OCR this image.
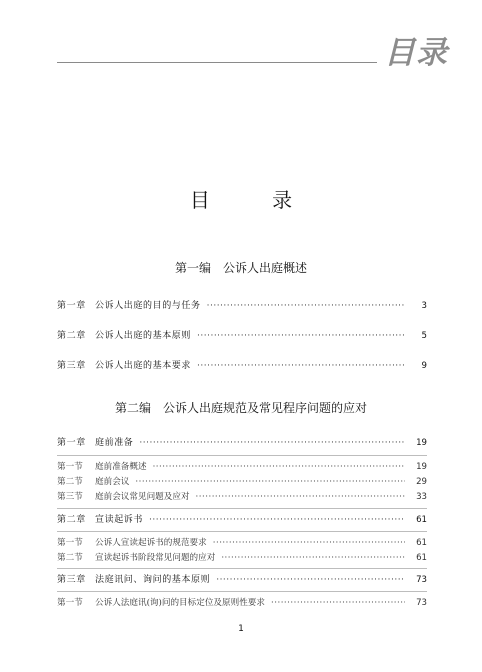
目录
目 录
第一编 公诉人出庭概述
第一章	公诉人出庭的目的与任务 ·····	3
第二章	公诉人出庭的基本原则 ·····	5
第三章	公诉人出庭的基本要求 ·····	9
第二编 公诉人出庭规范及常见程序问题的应对
第一章	庭前准备 ·····	19
第一节	庭前准备概述 ·····	19
第二节	庭前会议 ·····	29
第三节	庭前会议常见问题及应对 ·····	33
第二章	宣读起诉书 ·····	61
第一节	公诉人宣读起诉书的规范要求 ·····	61
第二节	宣读起诉书阶段常见问题的应对 ·····	61
第三章	法庭讯问、询问的基本原则 ·····	73
第一节	公诉人法庭讯(询)问的目标定位及原则性要求 ·····	73
1
